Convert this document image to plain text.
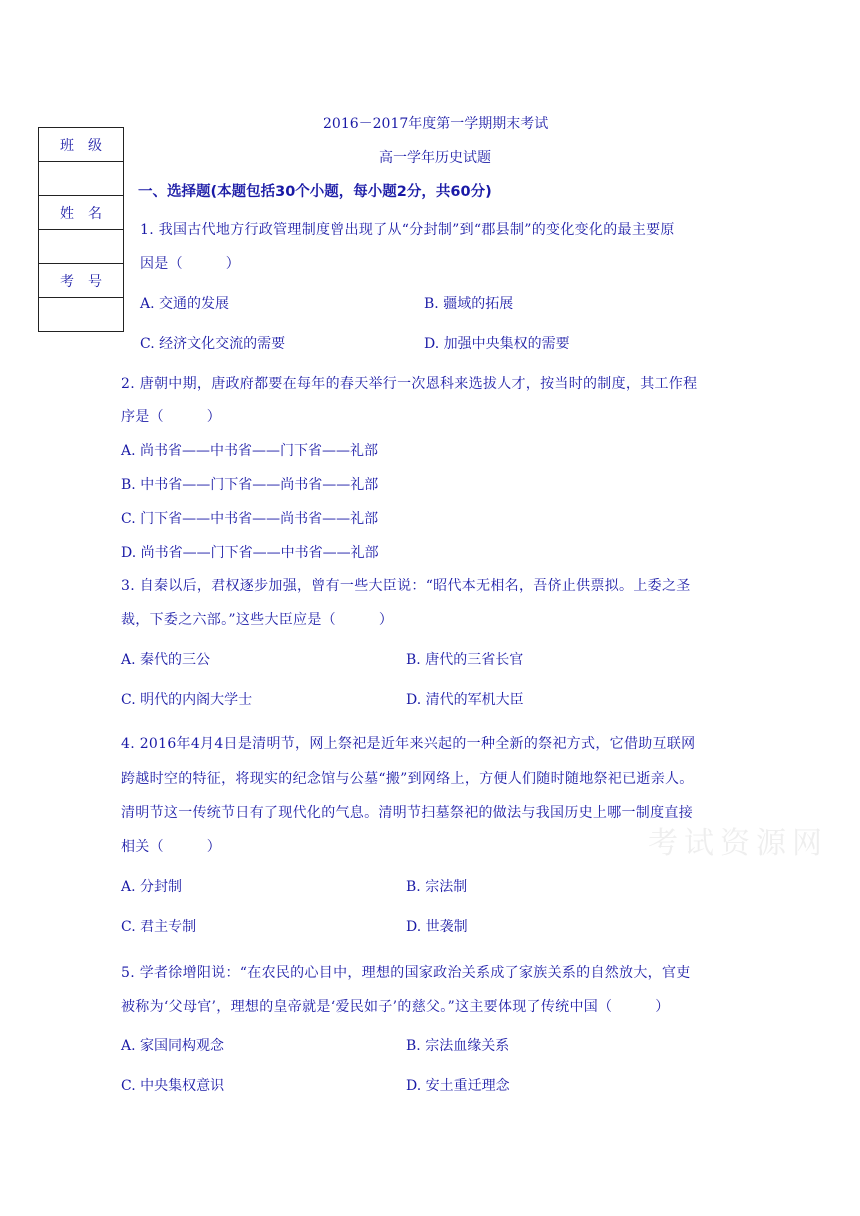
2016－2017年度第一学期期末考试
高一学年历史试题
班级

姓名

考号

一、选择题(本题包括30个小题，每小题2分，共60分)
1. 我国古代地方行政管理制度曾出现了从“分封制”到“郡县制”的变化变化的最主要原
因是（　　　）
A. 交通的发展	B. 疆域的拓展
C. 经济文化交流的需要	D. 加强中央集权的需要
2. 唐朝中期，唐政府都要在每年的春天举行一次恩科来选拔人才，按当时的制度，其工作程
序是（　　　）
A. 尚书省——中书省——门下省——礼部
B. 中书省——门下省——尚书省——礼部
C. 门下省——中书省——尚书省——礼部
D. 尚书省——门下省——中书省——礼部
3. 自秦以后，君权逐步加强，曾有一些大臣说：“昭代本无相名，吾侪止供票拟。上委之圣
裁，下委之六部。”这些大臣应是（　　　）
A. 秦代的三公	B. 唐代的三省长官
C. 明代的内阁大学士	D. 清代的军机大臣
4. 2016年4月4日是清明节，网上祭祀是近年来兴起的一种全新的祭祀方式，它借助互联网
跨越时空的特征，将现实的纪念馆与公墓“搬”到网络上，方便人们随时随地祭祀已逝亲人。
清明节这一传统节日有了现代化的气息。清明节扫墓祭祀的做法与我国历史上哪一制度直接
相关（　　　）
A. 分封制	B. 宗法制
C. 君主专制	D. 世袭制
考试资源网
5. 学者徐增阳说：“在农民的心目中，理想的国家政治关系成了家族关系的自然放大，官吏
被称为‘父母官’，理想的皇帝就是‘爱民如子’的慈父。”这主要体现了传统中国（　　　）
A. 家国同构观念	B. 宗法血缘关系
C. 中央集权意识	D. 安土重迁理念
